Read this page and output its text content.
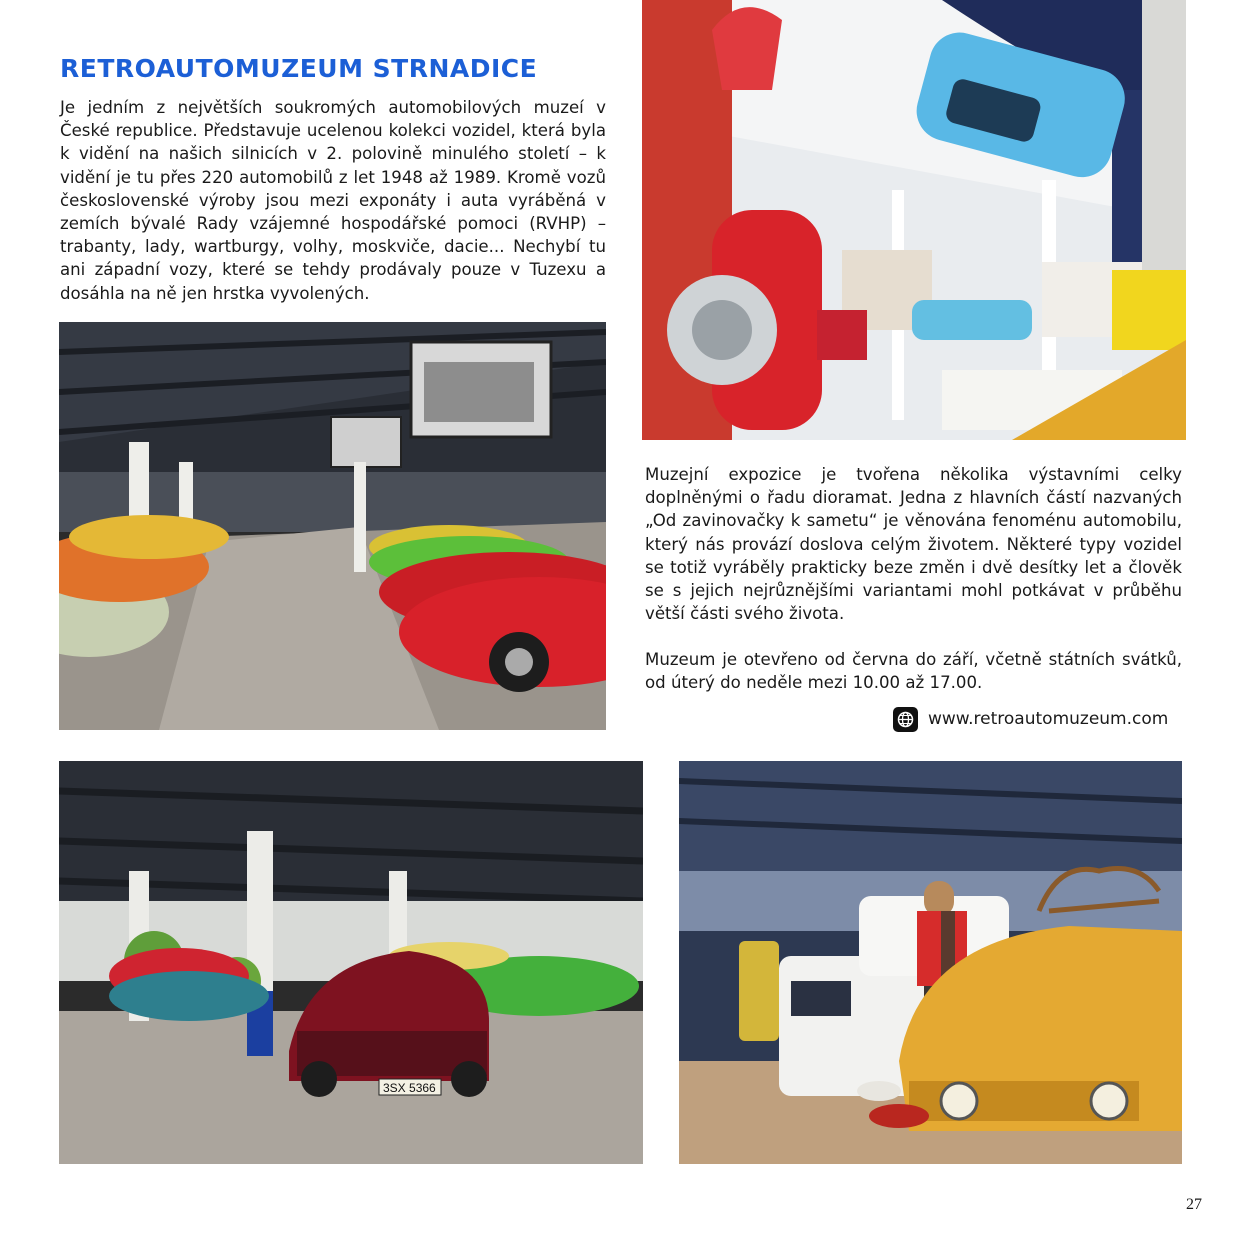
RETROAUTOMUZEUM STRNADICE

Je jedním z největších soukromých automobilových muzeí v České republice. Představuje ucelenou kolekci vozidel, která byla k vidění na našich silnicích v 2. polovině minulého století – k vidění je tu přes 220 automobilů z let 1948 až 1989. Kromě vozů československé výroby jsou mezi exponáty i auta vyráběná v zemích bývalé Rady vzájemné hospodářské pomoci (RVHP) – trabanty, lady, wartburgy, volhy, moskviče, dacie... Nechybí tu ani západní vozy, které se tehdy prodávaly pouze v Tuzexu a dosáhla na ně jen hrstka vyvolených.

Muzejní expozice je tvořena několika výstavními celky doplněnými o řadu dioramat. Jedna z hlavních částí nazvaných „Od zavinovačky k sametu“ je věnována fenoménu automobilu, který nás provází doslova celým životem. Některé typy vozidel se totiž vyráběly prakticky beze změn i dvě desítky let a člověk se s jejich nejrůznějšími variantami mohl potkávat v průběhu větší části svého života.

Muzeum je otevřeno od června do září, včetně státních svátků, od úterý do neděle mezi 10.00 až 17.00.

www.retroautomuzeum.com
3SX 5366
27
